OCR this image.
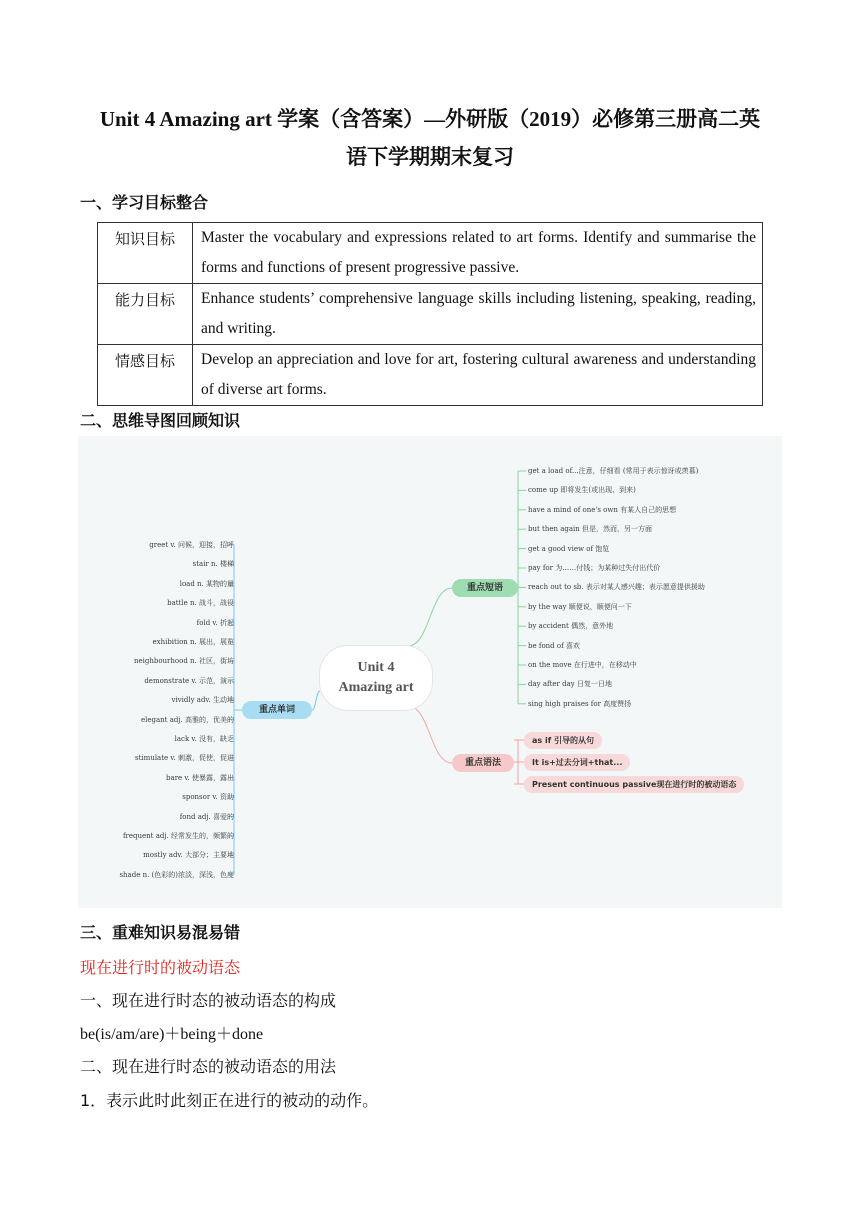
Unit 4 Amazing art 学案（含答案）—外研版（2019）必修第三册高二英
语下学期期末复习
一、学习目标整合
知识目标	Master the vocabulary and expressions related to art forms. Identify and summarise the forms and functions of present progressive passive.
能力目标	Enhance students’ comprehensive language skills including listening, speaking, reading, and writing.
情感目标	Develop an appreciation and love for art, fostering cultural awareness and understanding of diverse art forms.
二、思维导图回顾知识
greet v. 问候，迎接，招呼
stair n. 楼梯
load n. 某物的量
battle n. 战斗，战役
fold v. 折起
exhibition n. 展出，展览
neighbourhood n. 社区，街坊
demonstrate v. 示范，演示
vividly adv. 生动地
elegant adj. 高雅的，优美的
lack v. 没有，缺乏
stimulate v. 刺激，促使，促进
bare v. 使暴露，露出
sponsor v. 资助
fond adj. 喜爱的
frequent adj. 经常发生的，频繁的
mostly adv. 大部分；主要地
shade n. (色彩的)浓淡，深浅，色度
get a load of...注意，仔细看 (常用于表示惊讶或羡慕)
come up 即将发生(或出现、到来)
have a mind of one's own 有某人自己的思想
but then again 但是，然而，另一方面
get a good view of 饱览
pay for 为……付钱；为某种过失付出代价
reach out to sb. 表示对某人感兴趣；表示愿意提供援助
by the way 顺便说，顺便问一下
by accident 偶然，意外地
be fond of 喜欢
on the move 在行进中，在移动中
day after day 日复一日地
sing high praises for 高度赞扬
Unit 4
Amazing art
重点单词
重点短语
重点语法
as if 引导的从句
It is+过去分词+that...
Present continuous passive现在进行时的被动语态
三、重难知识易混易错
现在进行时的被动语态
一、现在进行时态的被动语态的构成
be(is/am/are)＋being＋done
二、现在进行时态的被动语态的用法
1．表示此时此刻正在进行的被动的动作。
